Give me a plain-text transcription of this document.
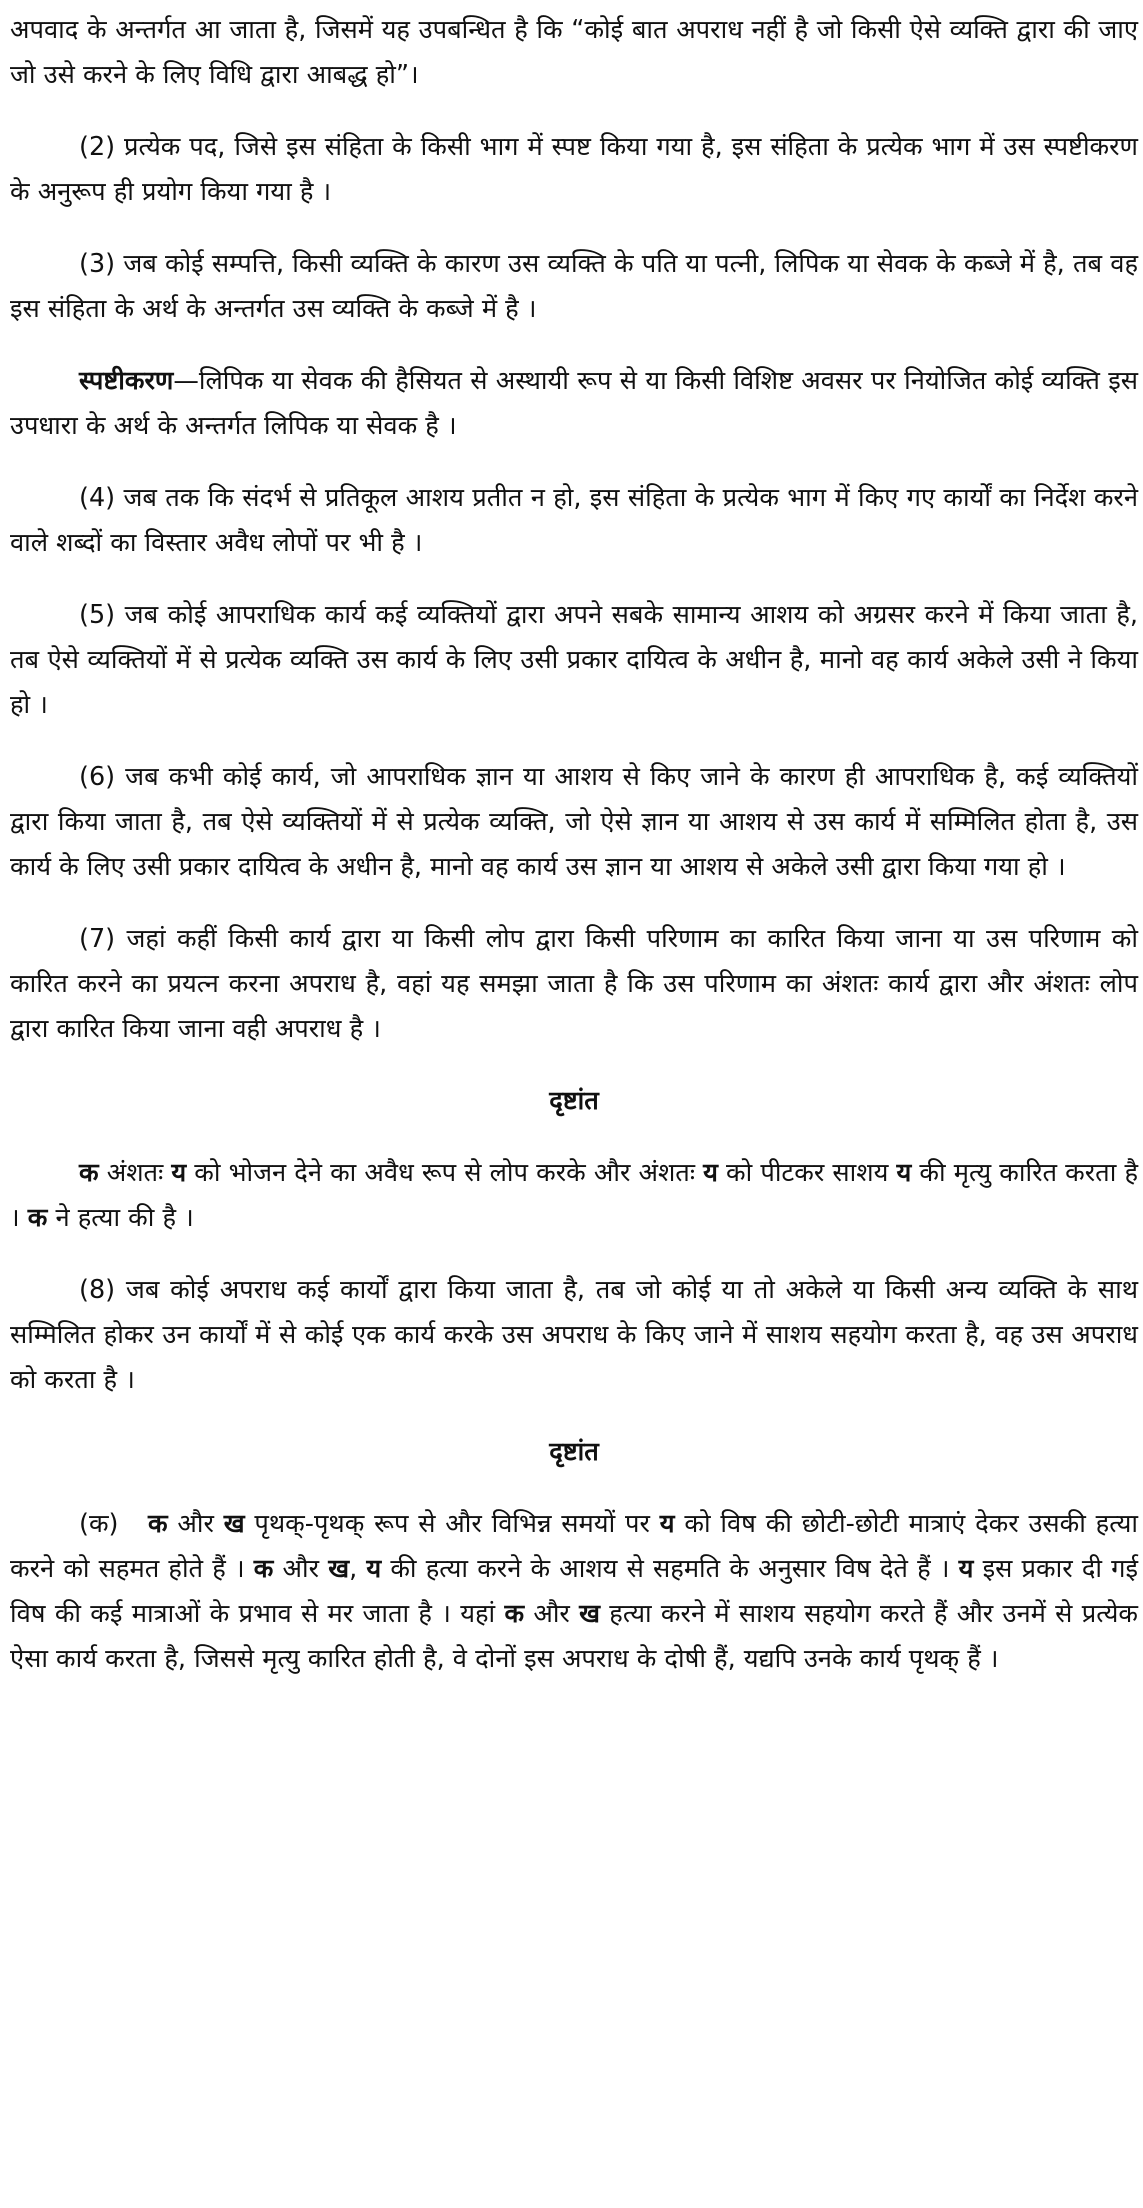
अपवाद के अन्तर्गत आ जाता है, जिसमें यह उपबन्धित है कि “कोई बात अपराध नहीं है जो किसी ऐसे व्यक्ति द्वारा की जाए जो उसे करने के लिए विधि द्वारा आबद्ध हो”।

(2) प्रत्येक पद, जिसे इस संहिता के किसी भाग में स्पष्ट किया गया है, इस संहिता के प्रत्येक भाग में उस स्पष्टीकरण के अनुरूप ही प्रयोग किया गया है ।

(3) जब कोई सम्पत्ति, किसी व्यक्ति के कारण उस व्यक्ति के पति या पत्नी, लिपिक या सेवक के कब्जे में है, तब वह इस संहिता के अर्थ के अन्तर्गत उस व्यक्ति के कब्जे में है ।

स्पष्टीकरण—लिपिक या सेवक की हैसियत से अस्थायी रूप से या किसी विशिष्ट अवसर पर नियोजित कोई व्यक्ति इस उपधारा के अर्थ के अन्तर्गत लिपिक या सेवक है ।

(4) जब तक कि संदर्भ से प्रतिकूल आशय प्रतीत न हो, इस संहिता के प्रत्येक भाग में किए गए कार्यों का निर्देश करने वाले शब्दों का विस्तार अवैध लोपों पर भी है ।

(5) जब कोई आपराधिक कार्य कई व्यक्तियों द्वारा अपने सबके सामान्य आशय को अग्रसर करने में किया जाता है, तब ऐसे व्यक्तियों में से प्रत्येक व्यक्ति उस कार्य के लिए उसी प्रकार दायित्व के अधीन है, मानो वह कार्य अकेले उसी ने किया हो ।

(6) जब कभी कोई कार्य, जो आपराधिक ज्ञान या आशय से किए जाने के कारण ही आपराधिक है, कई व्यक्तियों द्वारा किया जाता है, तब ऐसे व्यक्तियों में से प्रत्येक व्यक्ति, जो ऐसे ज्ञान या आशय से उस कार्य में सम्मिलित होता है, उस कार्य के लिए उसी प्रकार दायित्व के अधीन है, मानो वह कार्य उस ज्ञान या आशय से अकेले उसी द्वारा किया गया हो ।

(7) जहां कहीं किसी कार्य द्वारा या किसी लोप द्वारा किसी परिणाम का कारित किया जाना या उस परिणाम को कारित करने का प्रयत्न करना अपराध है, वहां यह समझा जाता है कि उस परिणाम का अंशतः कार्य द्वारा और अंशतः लोप द्वारा कारित किया जाना वही अपराध है ।

दृष्टांत

क अंशतः य को भोजन देने का अवैध रूप से लोप करके और अंशतः य को पीटकर साशय य की मृत्यु कारित करता है । क ने हत्या की है ।

(8) जब कोई अपराध कई कार्यों द्वारा किया जाता है, तब जो कोई या तो अकेले या किसी अन्य व्यक्ति के साथ सम्मिलित होकर उन कार्यों में से कोई एक कार्य करके उस अपराध के किए जाने में साशय सहयोग करता है, वह उस अपराध को करता है ।

दृष्टांत

(क)   क और ख पृथक्-पृथक् रूप से और विभिन्न समयों पर य को विष की छोटी-छोटी मात्राएं देकर उसकी हत्या करने को सहमत होते हैं । क और ख, य की हत्या करने के आशय से सहमति के अनुसार विष देते हैं । य इस प्रकार दी गई विष की कई मात्राओं के प्रभाव से मर जाता है । यहां क और ख हत्या करने में साशय सहयोग करते हैं और उनमें से प्रत्येक ऐसा कार्य करता है, जिससे मृत्यु कारित होती है, वे दोनों इस अपराध के दोषी हैं, यद्यपि उनके कार्य पृथक् हैं ।
